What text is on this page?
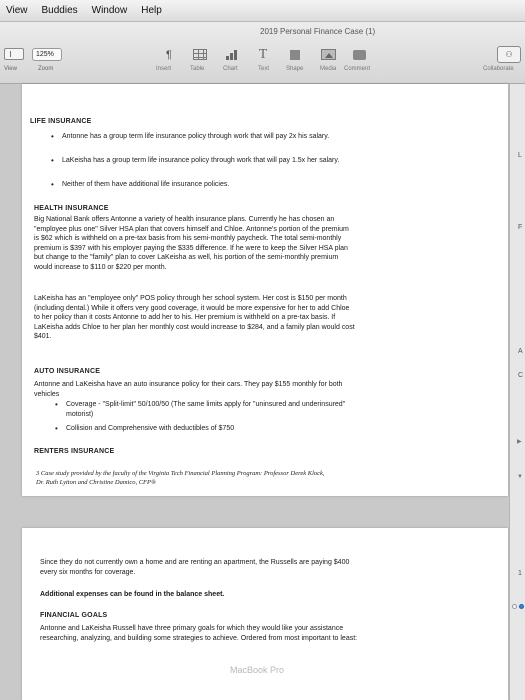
View Buddies Window Help
2019 Personal Finance Case (1)
View
125%
Zoom
¶
Insert	Table	Chart
T
Text	Shape	Media Comment
⚇
Collaborate
LIFE INSURANCE
• Antonne has a group term life insurance policy through work that will pay 2x his salary.
• LaKeisha has a group term life insurance policy through work that will pay 1.5x her salary.
• Neither of them have additional life insurance policies.
HEALTH INSURANCE
Big National Bank offers Antonne a variety of health insurance plans. Currently he has chosen an
"employee plus one" Silver HSA plan that covers himself and Chloe. Antonne's portion of the premium
is $62 which is withheld on a pre-tax basis from his semi-monthly paycheck. The total semi-monthly
premium is $397 with his employer paying the $335 difference. If he were to keep the Silver HSA plan
but change to the "family" plan to cover LaKeisha as well, his portion of the semi-monthly premium
would increase to $110 or $220 per month.
LaKeisha has an "employee only" POS policy through her school system. Her cost is $150 per month
(including dental.) While it offers very good coverage, it would be more expensive for her to add Chloe
to her policy than it costs Antonne to add her to his. Her premium is withheld on a pre-tax basis. If
LaKeisha adds Chloe to her plan her monthly cost would increase to $284, and a family plan would cost
$401.
AUTO INSURANCE
Antonne and LaKeisha have an auto insurance policy for their cars. They pay $155 monthly for both
vehicles
• Coverage - "Split-limit" 50/100/50 (The same limits apply for "uninsured and underinsured"
motorist)
• Collision and Comprehensive with deductibles of $750
RENTERS INSURANCE
3 Case study provided by the faculty of the Virginia Tech Financial Planning Program: Professor Derek Klock,
Dr. Ruth Lytton and Christine Damico, CFP®
Since they do not currently own a home and are renting an apartment, the Russells are paying $400
every six months for coverage.
Additional expenses can be found in the balance sheet.
FINANCIAL GOALS
Antonne and LaKeisha Russell have three primary goals for which they would like your assistance
researching, analyzing, and building some strategies to achieve. Ordered from most important to least:
L
F
C
A
▶
▼
1
MacBook Pro
